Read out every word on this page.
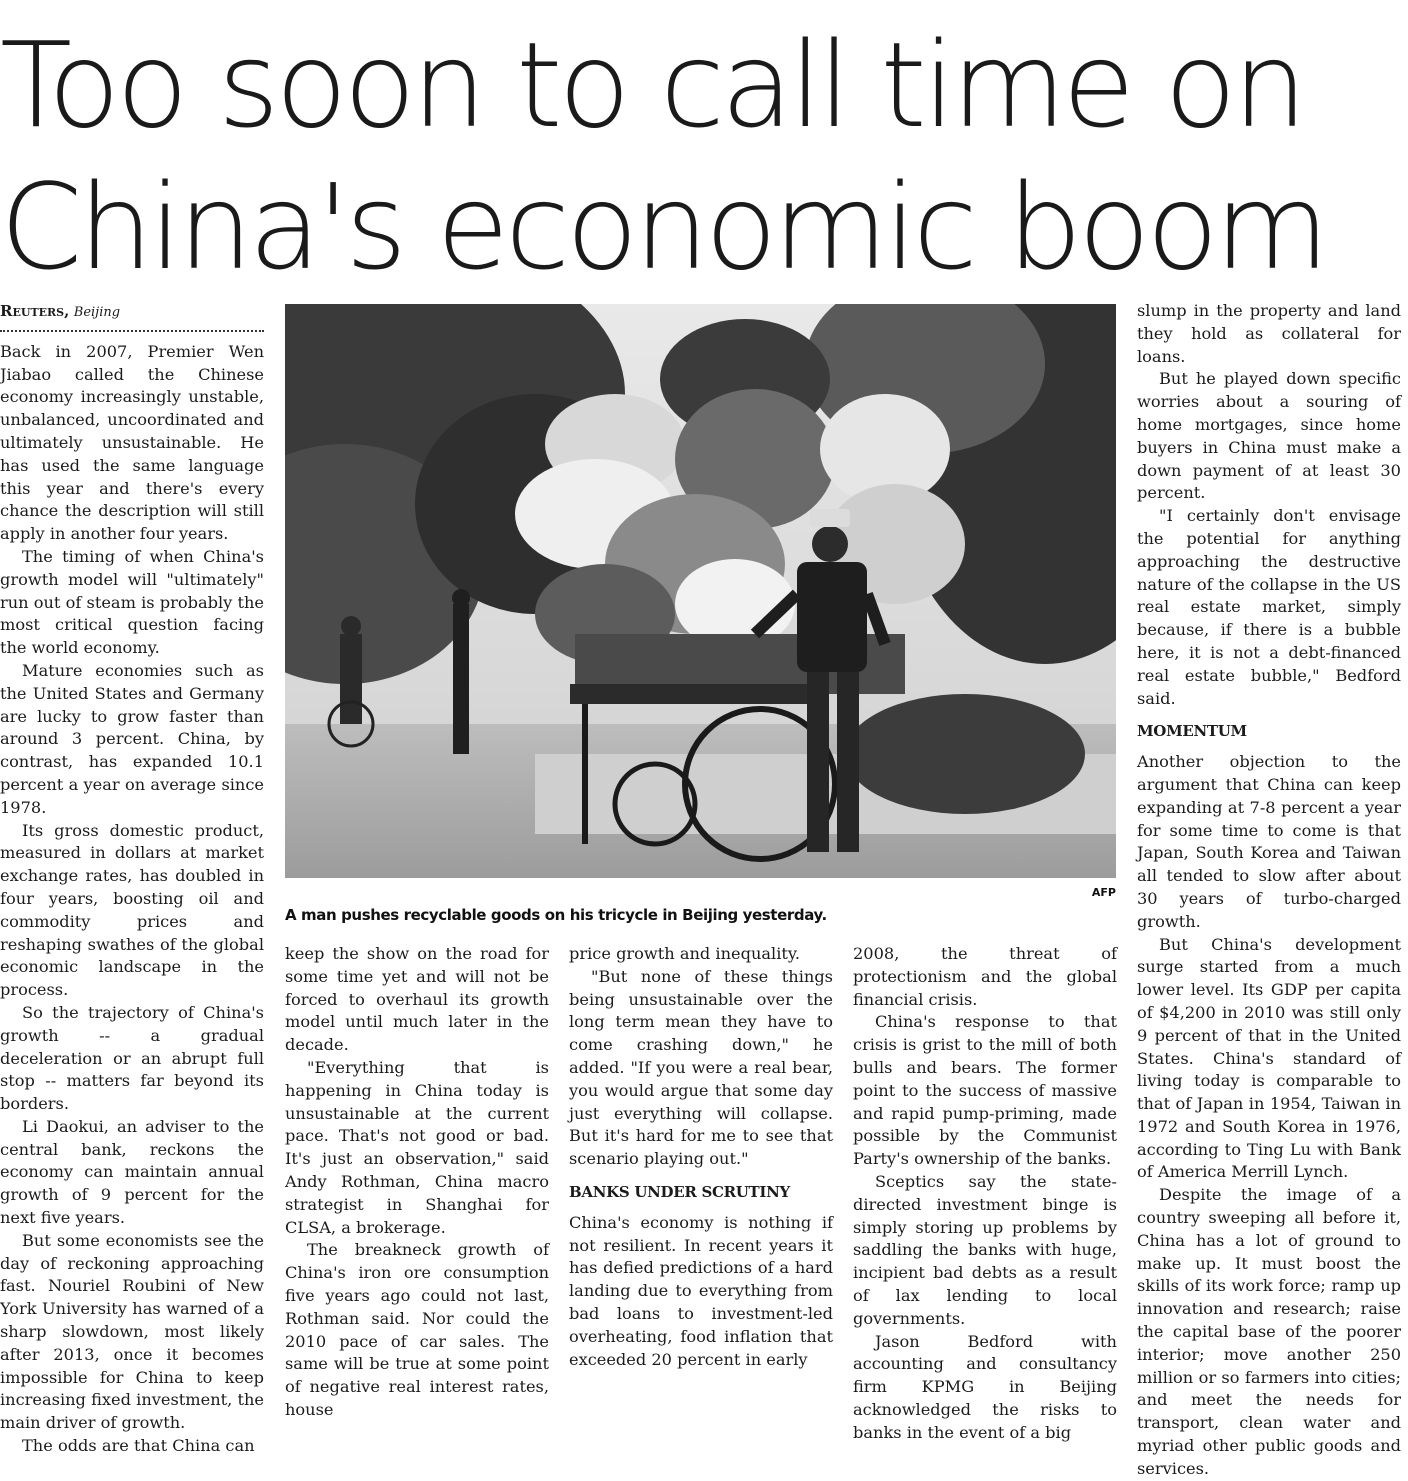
Too soon to call time on China's economic boom
Reuters, Beijing

Back in 2007, Premier Wen Jiabao called the Chinese economy increasingly unstable, unbalanced, uncoordinated and ultimately unsustainable. He has used the same language this year and there's every chance the description will still apply in another four years.

The timing of when China's growth model will "ultimately" run out of steam is probably the most critical question facing the world economy.

Mature economies such as the United States and Germany are lucky to grow faster than around 3 percent. China, by contrast, has expanded 10.1 percent a year on average since 1978.

Its gross domestic product, measured in dollars at market exchange rates, has doubled in four years, boosting oil and commodity prices and reshaping swathes of the global economic landscape in the process.

So the trajectory of China's growth -- a gradual deceleration or an abrupt full stop -- matters far beyond its borders.

Li Daokui, an adviser to the central bank, reckons the economy can maintain annual growth of 9 percent for the next five years.

But some economists see the day of reckoning approaching fast. Nouriel Roubini of New York University has warned of a sharp slowdown, most likely after 2013, once it becomes impossible for China to keep increasing fixed investment, the main driver of growth.

The odds are that China can

AFP
A man pushes recyclable goods on his tricycle in Beijing yesterday.

keep the show on the road for some time yet and will not be forced to overhaul its growth model until much later in the decade.

"Everything that is happening in China today is unsustainable at the current pace. That's not good or bad. It's just an observation," said Andy Rothman, China macro strategist in Shanghai for CLSA, a brokerage.

The breakneck growth of China's iron ore consumption five years ago could not last, Rothman said. Nor could the 2010 pace of car sales. The same will be true at some point of negative real interest rates, house

price growth and inequality.

"But none of these things being unsustainable over the long term mean they have to come crashing down," he added. "If you were a real bear, you would argue that some day just everything will collapse. But it's hard for me to see that scenario playing out."

BANKS UNDER SCRUTINY

China's economy is nothing if not resilient. In recent years it has defied predictions of a hard landing due to everything from bad loans to investment-led overheating, food inflation that exceeded 20 percent in early

2008, the threat of protectionism and the global financial crisis.

China's response to that crisis is grist to the mill of both bulls and bears. The former point to the success of massive and rapid pump-priming, made possible by the Communist Party's ownership of the banks.

Sceptics say the state-directed investment binge is simply storing up problems by saddling the banks with huge, incipient bad debts as a result of lax lending to local governments.

Jason Bedford with accounting and consultancy firm KPMG in Beijing acknowledged the risks to banks in the event of a big

slump in the property and land they hold as collateral for loans.

But he played down specific worries about a souring of home mortgages, since home buyers in China must make a down payment of at least 30 percent.

"I certainly don't envisage the potential for anything approaching the destructive nature of the collapse in the US real estate market, simply because, if there is a bubble here, it is not a debt-financed real estate bubble," Bedford said.

MOMENTUM

Another objection to the argument that China can keep expanding at 7-8 percent a year for some time to come is that Japan, South Korea and Taiwan all tended to slow after about 30 years of turbo-charged growth.

But China's development surge started from a much lower level. Its GDP per capita of $4,200 in 2010 was still only 9 percent of that in the United States. China's standard of living today is comparable to that of Japan in 1954, Taiwan in 1972 and South Korea in 1976, according to Ting Lu with Bank of America Merrill Lynch.

Despite the image of a country sweeping all before it, China has a lot of ground to make up. It must boost the skills of its work force; ramp up innovation and research; raise the capital base of the poorer interior; move another 250 million or so farmers into cities; and meet the needs for transport, clean water and myriad other public goods and services.
